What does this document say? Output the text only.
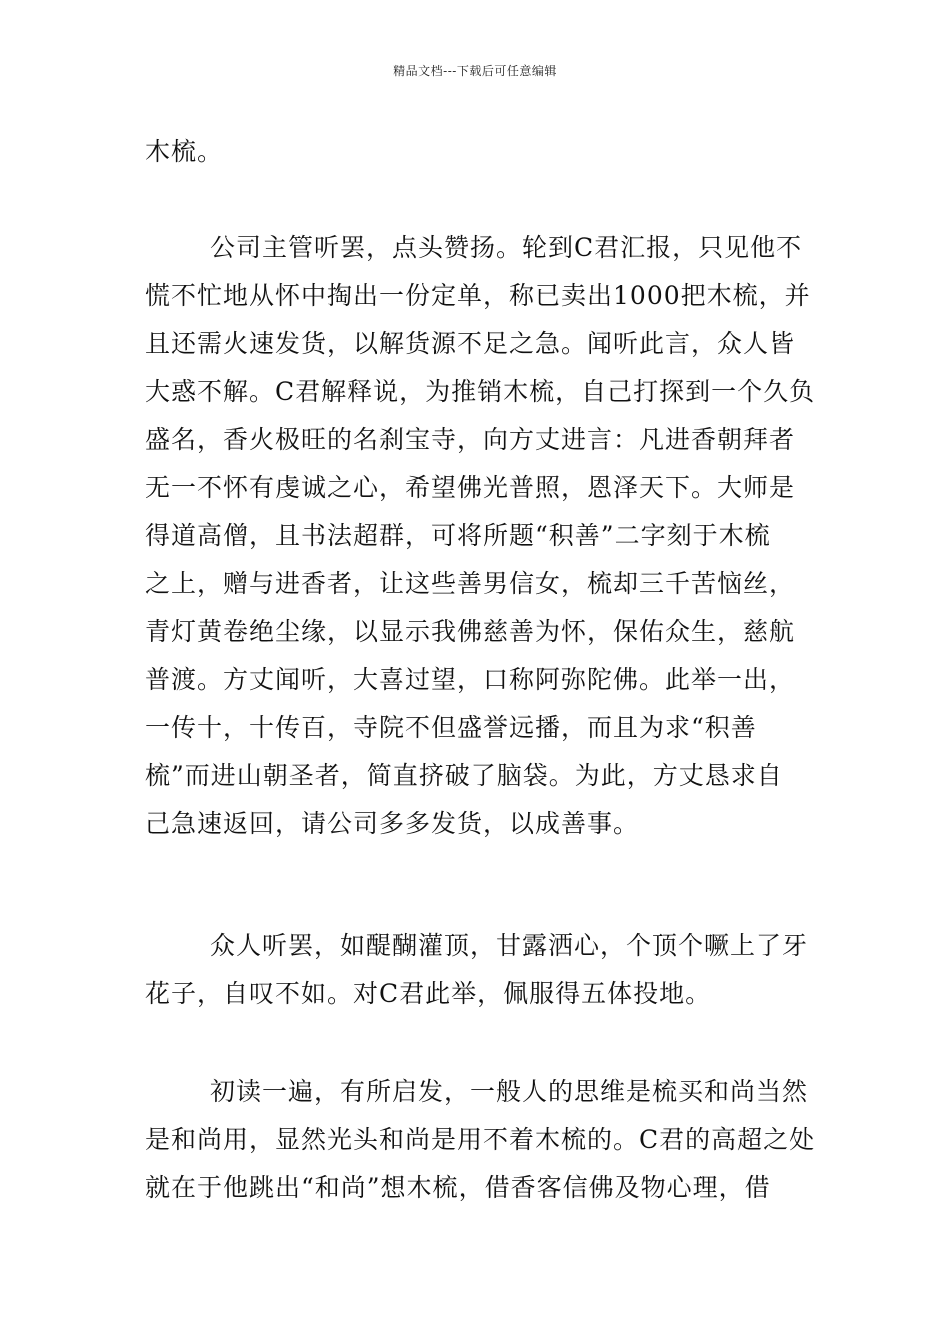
精品文档---下载后可任意编辑
木梳。
公司主管听罢，点头赞扬。轮到C君汇报，只见他不
慌不忙地从怀中掏出一份定单，称已卖出1000把木梳，并
且还需火速发货，以解货源不足之急。闻听此言，众人皆
大惑不解。C君解释说，为推销木梳，自己打探到一个久负
盛名，香火极旺的名刹宝寺，向方丈进言：凡进香朝拜者
无一不怀有虔诚之心，希望佛光普照，恩泽天下。大师是
得道高僧，且书法超群，可将所题“积善”二字刻于木梳
之上，赠与进香者，让这些善男信女，梳却三千苦恼丝，
青灯黄卷绝尘缘，以显示我佛慈善为怀，保佑众生，慈航
普渡。方丈闻听，大喜过望，口称阿弥陀佛。此举一出，
一传十，十传百，寺院不但盛誉远播，而且为求“积善
梳”而进山朝圣者，简直挤破了脑袋。为此，方丈恳求自
己急速返回，请公司多多发货，以成善事。
众人听罢，如醍醐灌顶，甘露洒心，个顶个噘上了牙
花子，自叹不如。对C君此举，佩服得五体投地。
初读一遍，有所启发，一般人的思维是梳买和尚当然
是和尚用，显然光头和尚是用不着木梳的。C君的高超之处
就在于他跳出“和尚”想木梳，借香客信佛及物心理，借
